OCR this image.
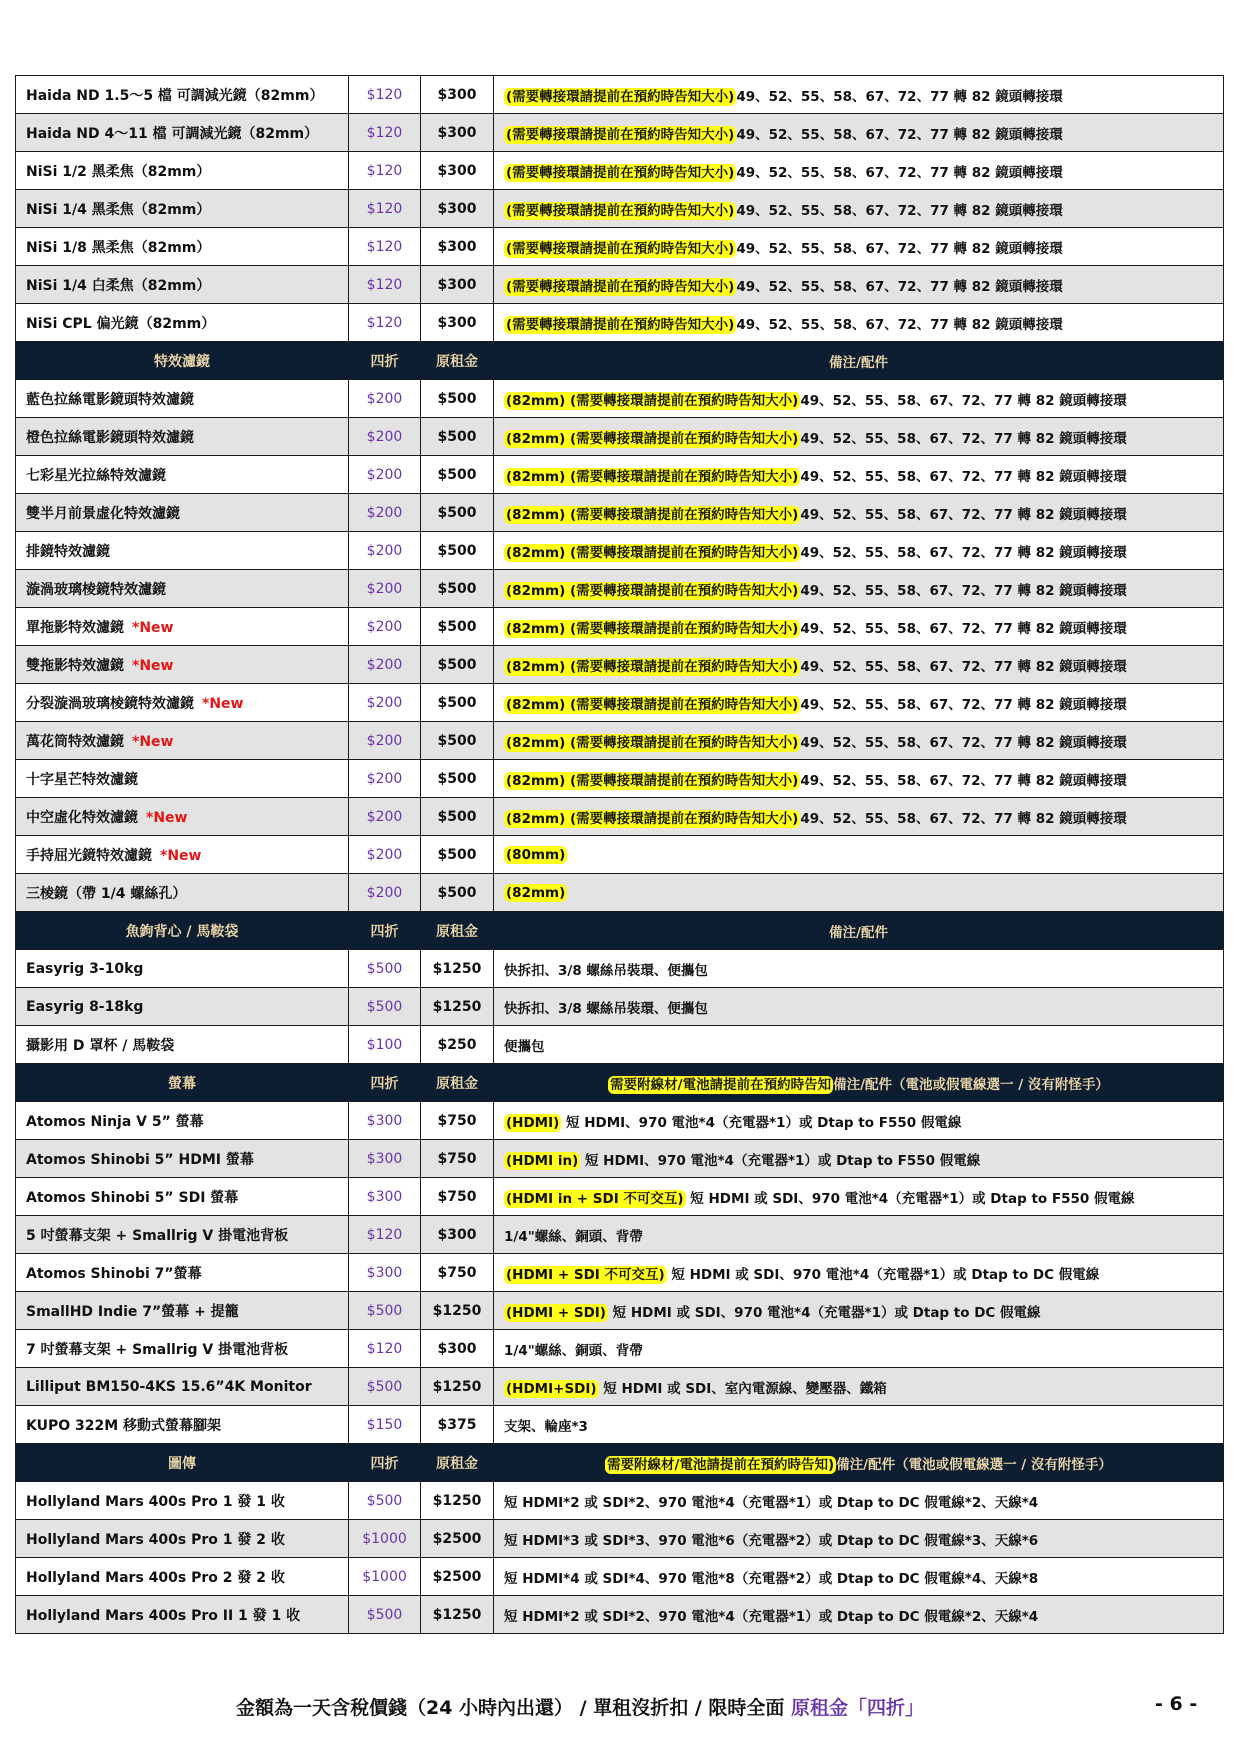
Haida ND 1.5～5 檔 可調減光鏡（82mm）	$120	$300	(需要轉接環請提前在預約時告知大小) 49、52、55、58、67、72、77 轉 82 鏡頭轉接環
Haida ND 4～11 檔 可調減光鏡（82mm）	$120	$300	(需要轉接環請提前在預約時告知大小) 49、52、55、58、67、72、77 轉 82 鏡頭轉接環
NiSi 1/2 黑柔焦（82mm）	$120	$300	(需要轉接環請提前在預約時告知大小) 49、52、55、58、67、72、77 轉 82 鏡頭轉接環
NiSi 1/4 黑柔焦（82mm）	$120	$300	(需要轉接環請提前在預約時告知大小) 49、52、55、58、67、72、77 轉 82 鏡頭轉接環
NiSi 1/8 黑柔焦（82mm）	$120	$300	(需要轉接環請提前在預約時告知大小) 49、52、55、58、67、72、77 轉 82 鏡頭轉接環
NiSi 1/4 白柔焦（82mm）	$120	$300	(需要轉接環請提前在預約時告知大小) 49、52、55、58、67、72、77 轉 82 鏡頭轉接環
NiSi CPL 偏光鏡（82mm）	$120	$300	(需要轉接環請提前在預約時告知大小) 49、52、55、58、67、72、77 轉 82 鏡頭轉接環
特效濾鏡	四折	原租金	備注/配件
藍色拉絲電影鏡頭特效濾鏡	$200	$500	(82mm) (需要轉接環請提前在預約時告知大小) 49、52、55、58、67、72、77 轉 82 鏡頭轉接環
橙色拉絲電影鏡頭特效濾鏡	$200	$500	(82mm) (需要轉接環請提前在預約時告知大小) 49、52、55、58、67、72、77 轉 82 鏡頭轉接環
七彩星光拉絲特效濾鏡	$200	$500	(82mm) (需要轉接環請提前在預約時告知大小) 49、52、55、58、67、72、77 轉 82 鏡頭轉接環
雙半月前景虛化特效濾鏡	$200	$500	(82mm) (需要轉接環請提前在預約時告知大小) 49、52、55、58、67、72、77 轉 82 鏡頭轉接環
排鏡特效濾鏡	$200	$500	(82mm) (需要轉接環請提前在預約時告知大小) 49、52、55、58、67、72、77 轉 82 鏡頭轉接環
漩渦玻璃棱鏡特效濾鏡	$200	$500	(82mm) (需要轉接環請提前在預約時告知大小) 49、52、55、58、67、72、77 轉 82 鏡頭轉接環
單拖影特效濾鏡 *New	$200	$500	(82mm) (需要轉接環請提前在預約時告知大小) 49、52、55、58、67、72、77 轉 82 鏡頭轉接環
雙拖影特效濾鏡 *New	$200	$500	(82mm) (需要轉接環請提前在預約時告知大小) 49、52、55、58、67、72、77 轉 82 鏡頭轉接環
分裂漩渦玻璃棱鏡特效濾鏡 *New	$200	$500	(82mm) (需要轉接環請提前在預約時告知大小) 49、52、55、58、67、72、77 轉 82 鏡頭轉接環
萬花筒特效濾鏡 *New	$200	$500	(82mm) (需要轉接環請提前在預約時告知大小) 49、52、55、58、67、72、77 轉 82 鏡頭轉接環
十字星芒特效濾鏡	$200	$500	(82mm) (需要轉接環請提前在預約時告知大小) 49、52、55、58、67、72、77 轉 82 鏡頭轉接環
中空虛化特效濾鏡 *New	$200	$500	(82mm) (需要轉接環請提前在預約時告知大小) 49、52、55、58、67、72、77 轉 82 鏡頭轉接環
手持屈光鏡特效濾鏡 *New	$200	$500	(80mm)
三棱鏡（帶 1/4 螺絲孔）	$200	$500	(82mm)
魚鉤背心 / 馬鞍袋	四折	原租金	備注/配件
Easyrig 3-10kg	$500	$1250	快拆扣、3/8 螺絲吊裝環、便攜包
Easyrig 8-18kg	$500	$1250	快拆扣、3/8 螺絲吊裝環、便攜包
攝影用 D 罩杯 / 馬鞍袋	$100	$250	便攜包
螢幕	四折	原租金	需要附線材/電池請提前在預約時告知 備注/配件（電池或假電線選一 / 沒有附怪手）
Atomos Ninja V 5” 螢幕	$300	$750	(HDMI) 短 HDMI、970 電池*4（充電器*1）或 Dtap to F550 假電線
Atomos Shinobi 5” HDMI 螢幕	$300	$750	(HDMI in) 短 HDMI、970 電池*4（充電器*1）或 Dtap to F550 假電線
Atomos Shinobi 5” SDI 螢幕	$300	$750	(HDMI in + SDI 不可交互) 短 HDMI 或 SDI、970 電池*4（充電器*1）或 Dtap to F550 假電線
5 吋螢幕支架 + Smallrig V 掛電池背板	$120	$300	1/4"螺絲、銅頭、背帶
Atomos Shinobi 7”螢幕	$300	$750	(HDMI + SDI 不可交互) 短 HDMI 或 SDI、970 電池*4（充電器*1）或 Dtap to DC 假電線
SmallHD Indie 7”螢幕 + 提籠	$500	$1250	(HDMI + SDI) 短 HDMI 或 SDI、970 電池*4（充電器*1）或 Dtap to DC 假電線
7 吋螢幕支架 + Smallrig V 掛電池背板	$120	$300	1/4"螺絲、銅頭、背帶
Lilliput BM150-4KS 15.6”4K Monitor	$500	$1250	(HDMI+SDI) 短 HDMI 或 SDI、室內電源線、變壓器、鐵箱
KUPO 322M 移動式螢幕腳架	$150	$375	支架、輪座*3
圖傳	四折	原租金	需要附線材/電池請提前在預約時告知) 備注/配件（電池或假電線選一 / 沒有附怪手）
Hollyland Mars 400s Pro 1 發 1 收	$500	$1250	短 HDMI*2 或 SDI*2、970 電池*4（充電器*1）或 Dtap to DC 假電線*2、天線*4
Hollyland Mars 400s Pro 1 發 2 收	$1000	$2500	短 HDMI*3 或 SDI*3、970 電池*6（充電器*2）或 Dtap to DC 假電線*3、天線*6
Hollyland Mars 400s Pro 2 發 2 收	$1000	$2500	短 HDMI*4 或 SDI*4、970 電池*8（充電器*2）或 Dtap to DC 假電線*4、天線*8
Hollyland Mars 400s Pro II 1 發 1 收	$500	$1250	短 HDMI*2 或 SDI*2、970 電池*4（充電器*1）或 Dtap to DC 假電線*2、天線*4
金額為一天含稅價錢（24 小時內出還） / 單租沒折扣 / 限時全面 原租金「四折」	- 6 -
